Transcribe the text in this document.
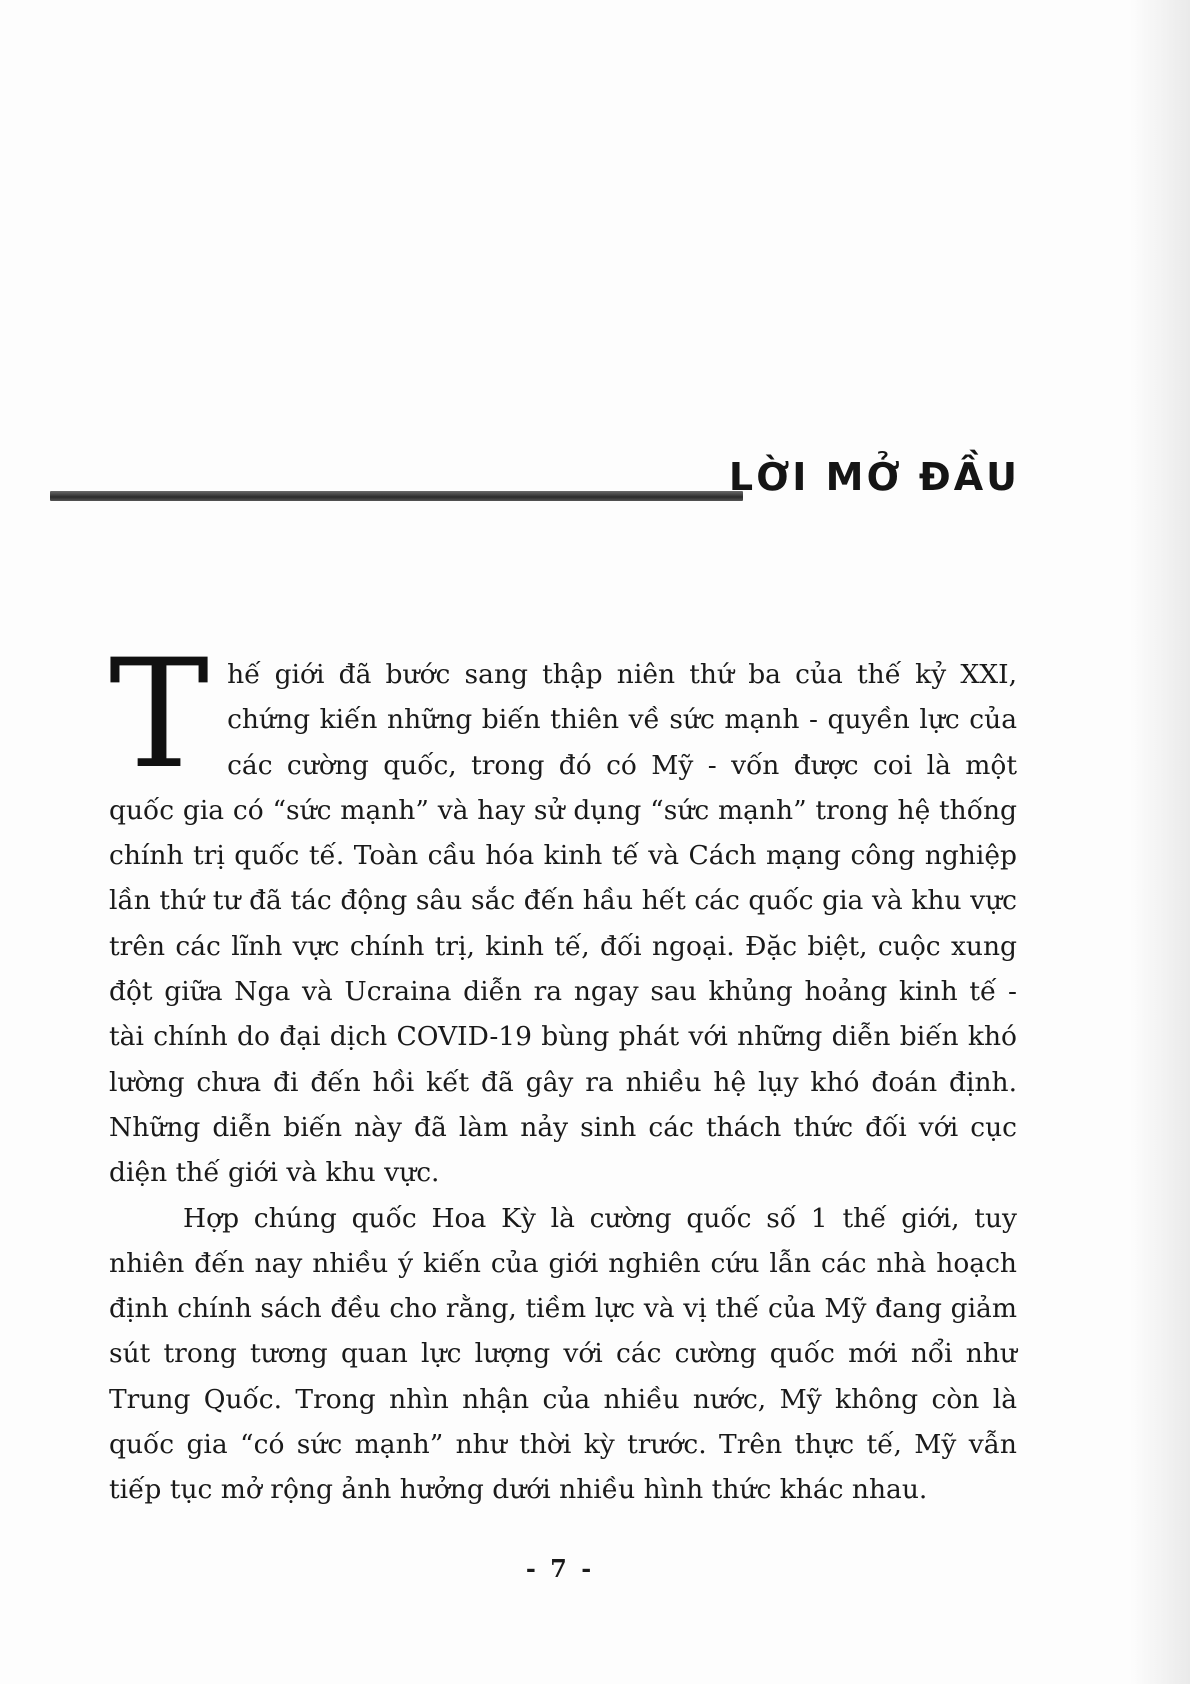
LỜI MỞ ĐẦU

Thế giới đã bước sang thập niên thứ ba của thế kỷ XXI, chứng kiến những biến thiên về sức mạnh - quyền lực của các cường quốc, trong đó có Mỹ - vốn được coi là một quốc gia có “sức mạnh” và hay sử dụng “sức mạnh” trong hệ thống chính trị quốc tế. Toàn cầu hóa kinh tế và Cách mạng công nghiệp lần thứ tư đã tác động sâu sắc đến hầu hết các quốc gia và khu vực trên các lĩnh vực chính trị, kinh tế, đối ngoại. Đặc biệt, cuộc xung đột giữa Nga và Ucraina diễn ra ngay sau khủng hoảng kinh tế - tài chính do đại dịch COVID-19 bùng phát với những diễn biến khó lường chưa đi đến hồi kết đã gây ra nhiều hệ lụy khó đoán định. Những diễn biến này đã làm nảy sinh các thách thức đối với cục diện thế giới và khu vực.

Hợp chúng quốc Hoa Kỳ là cường quốc số 1 thế giới, tuy nhiên đến nay nhiều ý kiến của giới nghiên cứu lẫn các nhà hoạch định chính sách đều cho rằng, tiềm lực và vị thế của Mỹ đang giảm sút trong tương quan lực lượng với các cường quốc mới nổi như Trung Quốc. Trong nhìn nhận của nhiều nước, Mỹ không còn là quốc gia “có sức mạnh” như thời kỳ trước. Trên thực tế, Mỹ vẫn tiếp tục mở rộng ảnh hưởng dưới nhiều hình thức khác nhau.

- 7 -
